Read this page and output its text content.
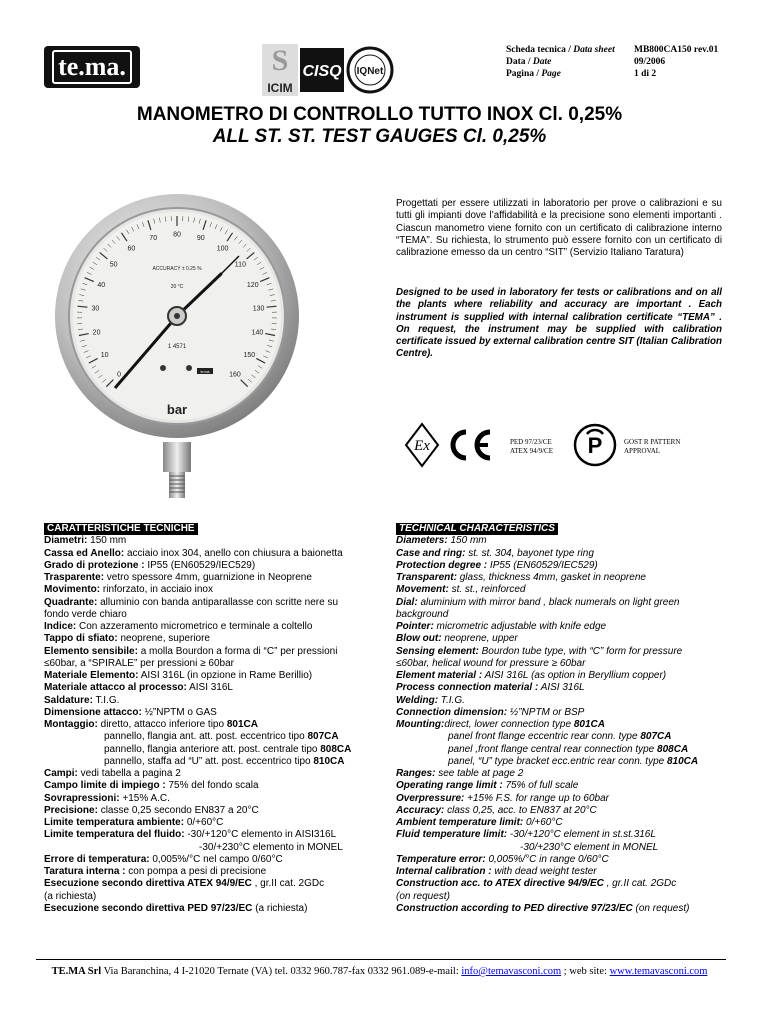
te.ma.	S
ICIM
CISQ IQNet
Scheda tecnica / Data sheet	MB800CA150 rev.01
Data / Date	09/2006
Pagina / Page	1 di 2
MANOMETRO DI CONTROLLO TUTTO INOX Cl. 0,25%
ALL ST. ST. TEST GAUGES Cl. 0,25%
0
10
20
30
40
50
60
70
80
90
100
110
120
130
140
150
160
ACCURACY ± 0.25 %
20 °C
1 4571
te.ma
bar
Progettati per essere utilizzati in laboratorio per prove o calibrazioni e su tutti gli impianti dove l’affidabilità e la precisione sono elementi importanti . Ciascun manometro viene fornito con un certificato di calibrazione interno “TEMA”. Su richiesta, lo strumento può essere fornito con un certificato di calibrazione emesso da un centro “SIT” (Servizio Italiano Taratura)
Designed to be used in laboratory fer tests or calibrations and on all the plants where reliability and accuracy are important . Each instrument is supplied with internal calibration certificate “TEMA” . On request, the instrument may be supplied with calibration certificate issued by external calibration centre SIT (Italian Calibration Centre).
Ex	PED 97/23/CE
ATEX 94/9/CE P	GOST R PATTERN
APPROVAL
CARATTERISTICHE TECNICHE
Diametri: 150 mm
Cassa ed Anello: acciaio inox 304, anello con chiusura a baionetta
Grado di protezione : IP55 (EN60529/IEC529)
Trasparente: vetro spessore 4mm, guarnizione in Neoprene
Movimento: rinforzato, in acciaio inox
Quadrante: alluminio con banda antiparallasse con scritte nere su
fondo verde chiaro
Indice: Con azzeramento micrometrico e terminale a coltello
Tappo di sfiato: neoprene, superiore
Elemento sensibile: a molla Bourdon a forma di “C” per pressioni
≤60bar, a “SPIRALE” per pressioni ≥ 60bar
Materiale Elemento: AISI 316L (in opzione in Rame Berillio)
Materiale attacco al processo: AISI 316L
Saldature: T.I.G.
Dimensione attacco: ½”NPTM o GAS
Montaggio: diretto, attacco inferiore tipo 801CA
pannello, flangia ant. att. post. eccentrico tipo 807CA
pannello, flangia anteriore att. post. centrale tipo 808CA
pannello, staffa ad “U” att. post. eccentrico tipo 810CA
Campi: vedi tabella a pagina 2
Campo limite di impiego : 75% del fondo scala
Sovrapressioni: +15% A.C.
Precisione: classe 0,25 secondo EN837 a 20°C
Limite temperatura ambiente: 0/+60°C
Limite temperatura del fluido: -30/+120°C elemento in AISI316L
-30/+230°C elemento in MONEL
Errore di temperatura: 0,005%/°C nel campo 0/60°C
Taratura interna : con pompa a pesi di precisione
Esecuzione secondo direttiva ATEX 94/9/EC , gr.II cat. 2GDc
(a richiesta)
Esecuzione secondo direttiva PED 97/23/EC (a richiesta)
TECHNICAL CHARACTERISTICS
Diameters: 150 mm
Case and ring: st. st. 304, bayonet type ring
Protection degree : IP55 (EN60529/IEC529)
Transparent: glass, thickness 4mm, gasket in neoprene
Movement: st. st., reinforced
Dial: aluminium with mirror band , black numerals on light green
background
Pointer: micrometric adjustable with knife edge
Blow out: neoprene, upper
Sensing element: Bourdon tube type, with “C” form for pressure
≤60bar, helical wound for pressure ≥ 60bar
Element material : AISI 316L (as option in Beryllium copper)
Process connection material : AISI 316L
Welding: T.I.G.
Connection dimension: ½”NPTM or BSP
Mounting:direct, lower connection type 801CA
panel front flange eccentric rear conn. type 807CA
panel ,front flange central rear connection type 808CA
panel, “U” type bracket ecc.entric rear conn. type 810CA
Ranges: see table at page 2
Operating range limit : 75% of full scale
Overpressure: +15% F.S. for range up to 60bar
Accuracy: class 0,25, acc. to EN837 at 20°C
Ambient temperature limit: 0/+60°C
Fluid temperature limit: -30/+120°C element in st.st.316L
-30/+230°C element in MONEL
Temperature error: 0,005%/°C in range 0/60°C
Internal calibration : with dead weight tester
Construction acc. to ATEX directive 94/9/EC , gr.II cat. 2GDc
(on request)
Construction according to PED directive 97/23/EC (on request)
TE.MA Srl Via Baranchina, 4 I-21020 Ternate (VA) tel. 0332 960.787-fax 0332 961.089-e-mail: info@temavasconi.com ; web site: www.temavasconi.com
